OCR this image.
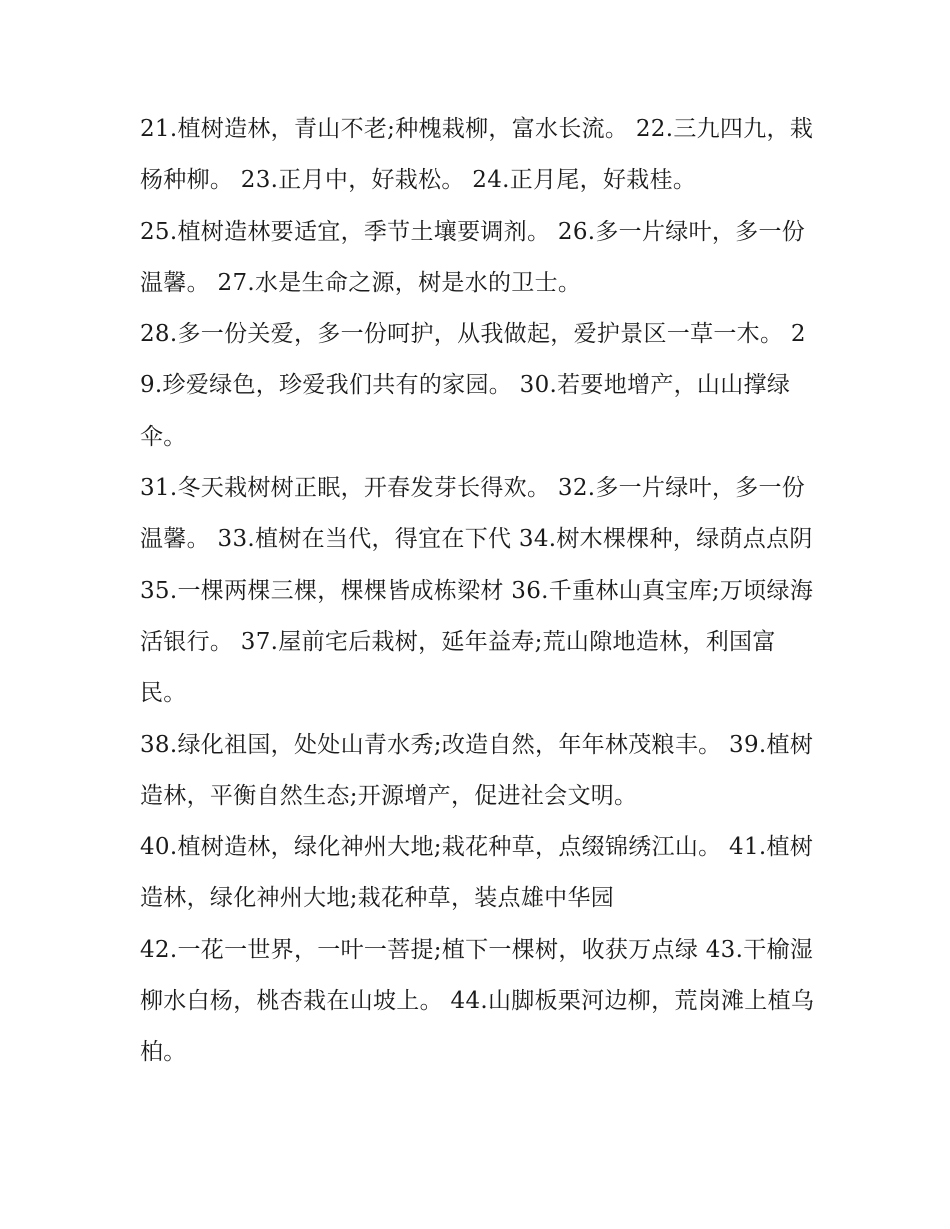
21.植树造林，青山不老;种槐栽柳，富水长流。 22.三九四九，栽杨种柳。 23.正月中，好栽松。 24.正月尾，好栽桂。

25.植树造林要适宜，季节土壤要调剂。 26.多一片绿叶，多一份温馨。 27.水是生命之源，树是水的卫士。

28.多一份关爱，多一份呵护，从我做起，爱护景区一草一木。 29.珍爱绿色，珍爱我们共有的家园。 30.若要地增产，山山撑绿伞。

31.冬天栽树树正眠，开春发芽长得欢。 32.多一片绿叶，多一份温馨。 33.植树在当代，得宜在下代 34.树木棵棵种，绿荫点点阴

35.一棵两棵三棵，棵棵皆成栋梁材 36.千重林山真宝库;万顷绿海活银行。 37.屋前宅后栽树，延年益寿;荒山隙地造林，利国富民。

38.绿化祖国，处处山青水秀;改造自然，年年林茂粮丰。 39.植树造林，平衡自然生态;开源增产，促进社会文明。

40.植树造林，绿化神州大地;栽花种草，点缀锦绣江山。 41.植树造林，绿化神州大地;栽花种草，装点雄中华园

42.一花一世界，一叶一菩提;植下一棵树，收获万点绿 43.干榆湿柳水白杨，桃杏栽在山坡上。 44.山脚板栗河边柳，荒岗滩上植乌柏。
